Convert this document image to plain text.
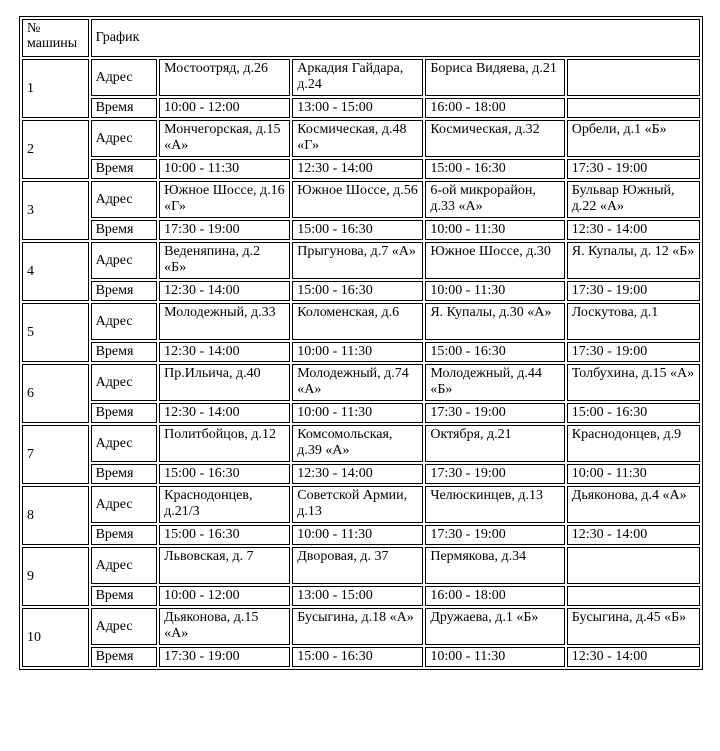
№ машины	График				
1	Адрес	Мостоотряд, д.26	Аркадия Гайдара, д.24	Бориса Видяева, д.21	
	Время	10:00 - 12:00	13:00 - 15:00	16:00 - 18:00	
2	Адрес	Мончегорская, д.15 «А»	Космическая, д.48 «Г»	Космическая, д.32	Орбели, д.1 «Б»
	Время	10:00 - 11:30	12:30 - 14:00	15:00 - 16:30	17:30 - 19:00
3	Адрес	Южное Шоссе, д.16 «Г»	Южное Шоссе, д.56	6-ой микрорайон, д.33 «А»	Бульвар Южный, д.22 «А»
	Время	17:30 - 19:00	15:00 - 16:30	10:00 - 11:30	12:30 - 14:00
4	Адрес	Веденяпина, д.2 «Б»	Прыгунова, д.7 «А»	Южное Шоссе, д.30	Я. Купалы, д. 12 «Б»
	Время	12:30 - 14:00	15:00 - 16:30	10:00 - 11:30	17:30 - 19:00
5	Адрес	Молодежный, д.33	Коломенская, д.6	Я. Купалы, д.30 «А»	Лоскутова, д.1
	Время	12:30 - 14:00	10:00 - 11:30	15:00 - 16:30	17:30 - 19:00
6	Адрес	Пр.Ильича, д.40	Молодежный, д.74 «А»	Молодежный, д.44 «Б»	Толбухина, д.15 «А»
	Время	12:30 - 14:00	10:00 - 11:30	17:30 - 19:00	15:00 - 16:30
7	Адрес	Политбойцов, д.12	Комсомольская, д.39 «А»	Октября, д.21	Краснодонцев, д.9
	Время	15:00 - 16:30	12:30 - 14:00	17:30 - 19:00	10:00 - 11:30
8	Адрес	Краснодонцев, д.21/3	Советской Армии, д.13	Челюскинцев, д.13	Дьяконова, д.4 «А»
	Время	15:00 - 16:30	10:00 - 11:30	17:30 - 19:00	12:30 - 14:00
9	Адрес	Львовская, д. 7	Дворовая, д. 37	Пермякова, д.34	
	Время	10:00 - 12:00	13:00 - 15:00	16:00 - 18:00	
10	Адрес	Дьяконова, д.15 «А»	Бусыгина, д.18 «А»	Дружаева, д.1 «Б»	Бусыгина, д.45 «Б»
	Время	17:30 - 19:00	15:00 - 16:30	10:00 - 11:30	12:30 - 14:00
